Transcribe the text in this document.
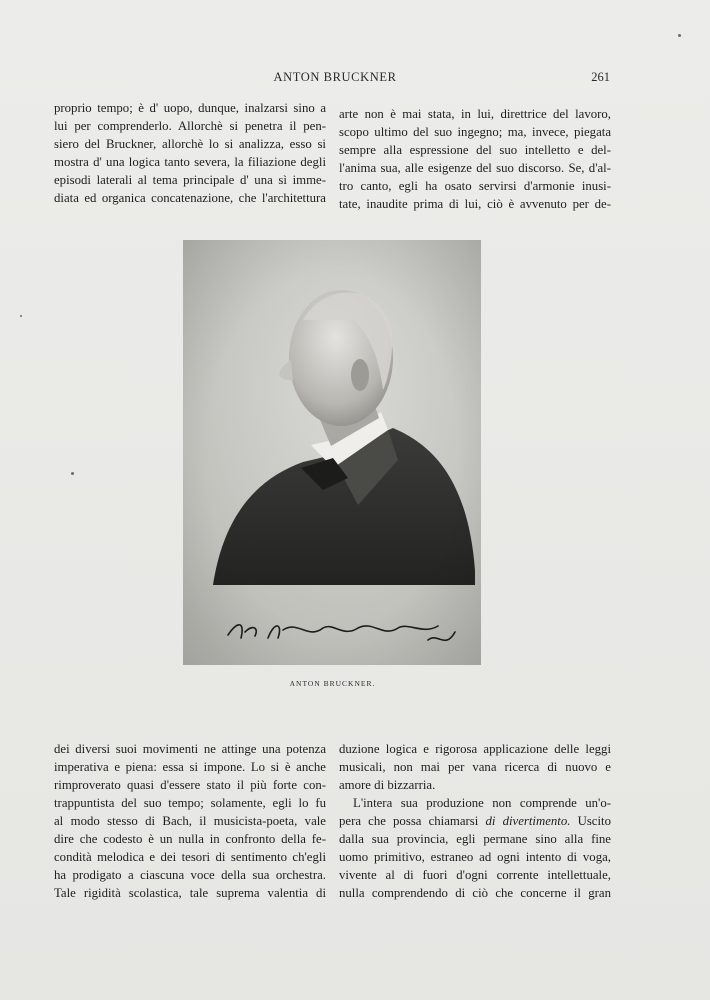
ANTON BRUCKNER	261

proprio tempo; è d' uopo, dunque, inalzarsi sino a

lui per comprenderlo. Allorchè si penetra il pen-

siero del Bruckner, allorchè lo si analizza, esso si

mostra d' una logica tanto severa, la filiazione degli

episodi laterali al tema principale d' una sì imme-

diata ed organica concatenazione, che l'architettura

arte non è mai stata, in lui, direttrice del lavoro,

scopo ultimo del suo ingegno; ma, invece, piegata

sempre alla espressione del suo intelletto e del-

l'anima sua, alle esigenze del suo discorso. Se, d'al-

tro canto, egli ha osato servirsi d'armonie inusi-

tate, inaudite prima di lui, ciò è avvenuto per de-

ANTON BRUCKNER.

dei diversi suoi movimenti ne attinge una potenza

imperativa e piena: essa si impone. Lo si è anche

rimproverato quasi d'essere stato il più forte con-

trappuntista del suo tempo; solamente, egli lo fu

al modo stesso di Bach, il musicista-poeta, vale

dire che codesto è un nulla in confronto della fe-

condità melodica e dei tesori di sentimento ch'egli

ha prodigato a ciascuna voce della sua orchestra.

Tale rigidità scolastica, tale suprema valentia di

duzione logica e rigorosa applicazione delle leggi

musicali, non mai per vana ricerca di nuovo e

amore di bizzarria.

L'intera sua produzione non comprende un'o-

pera che possa chiamarsi di divertimento. Uscito

dalla sua provincia, egli permane sino alla fine

uomo primitivo, estraneo ad ogni intento di voga,

vivente al di fuori d'ogni corrente intellettuale,

nulla comprendendo di ciò che concerne il gran
